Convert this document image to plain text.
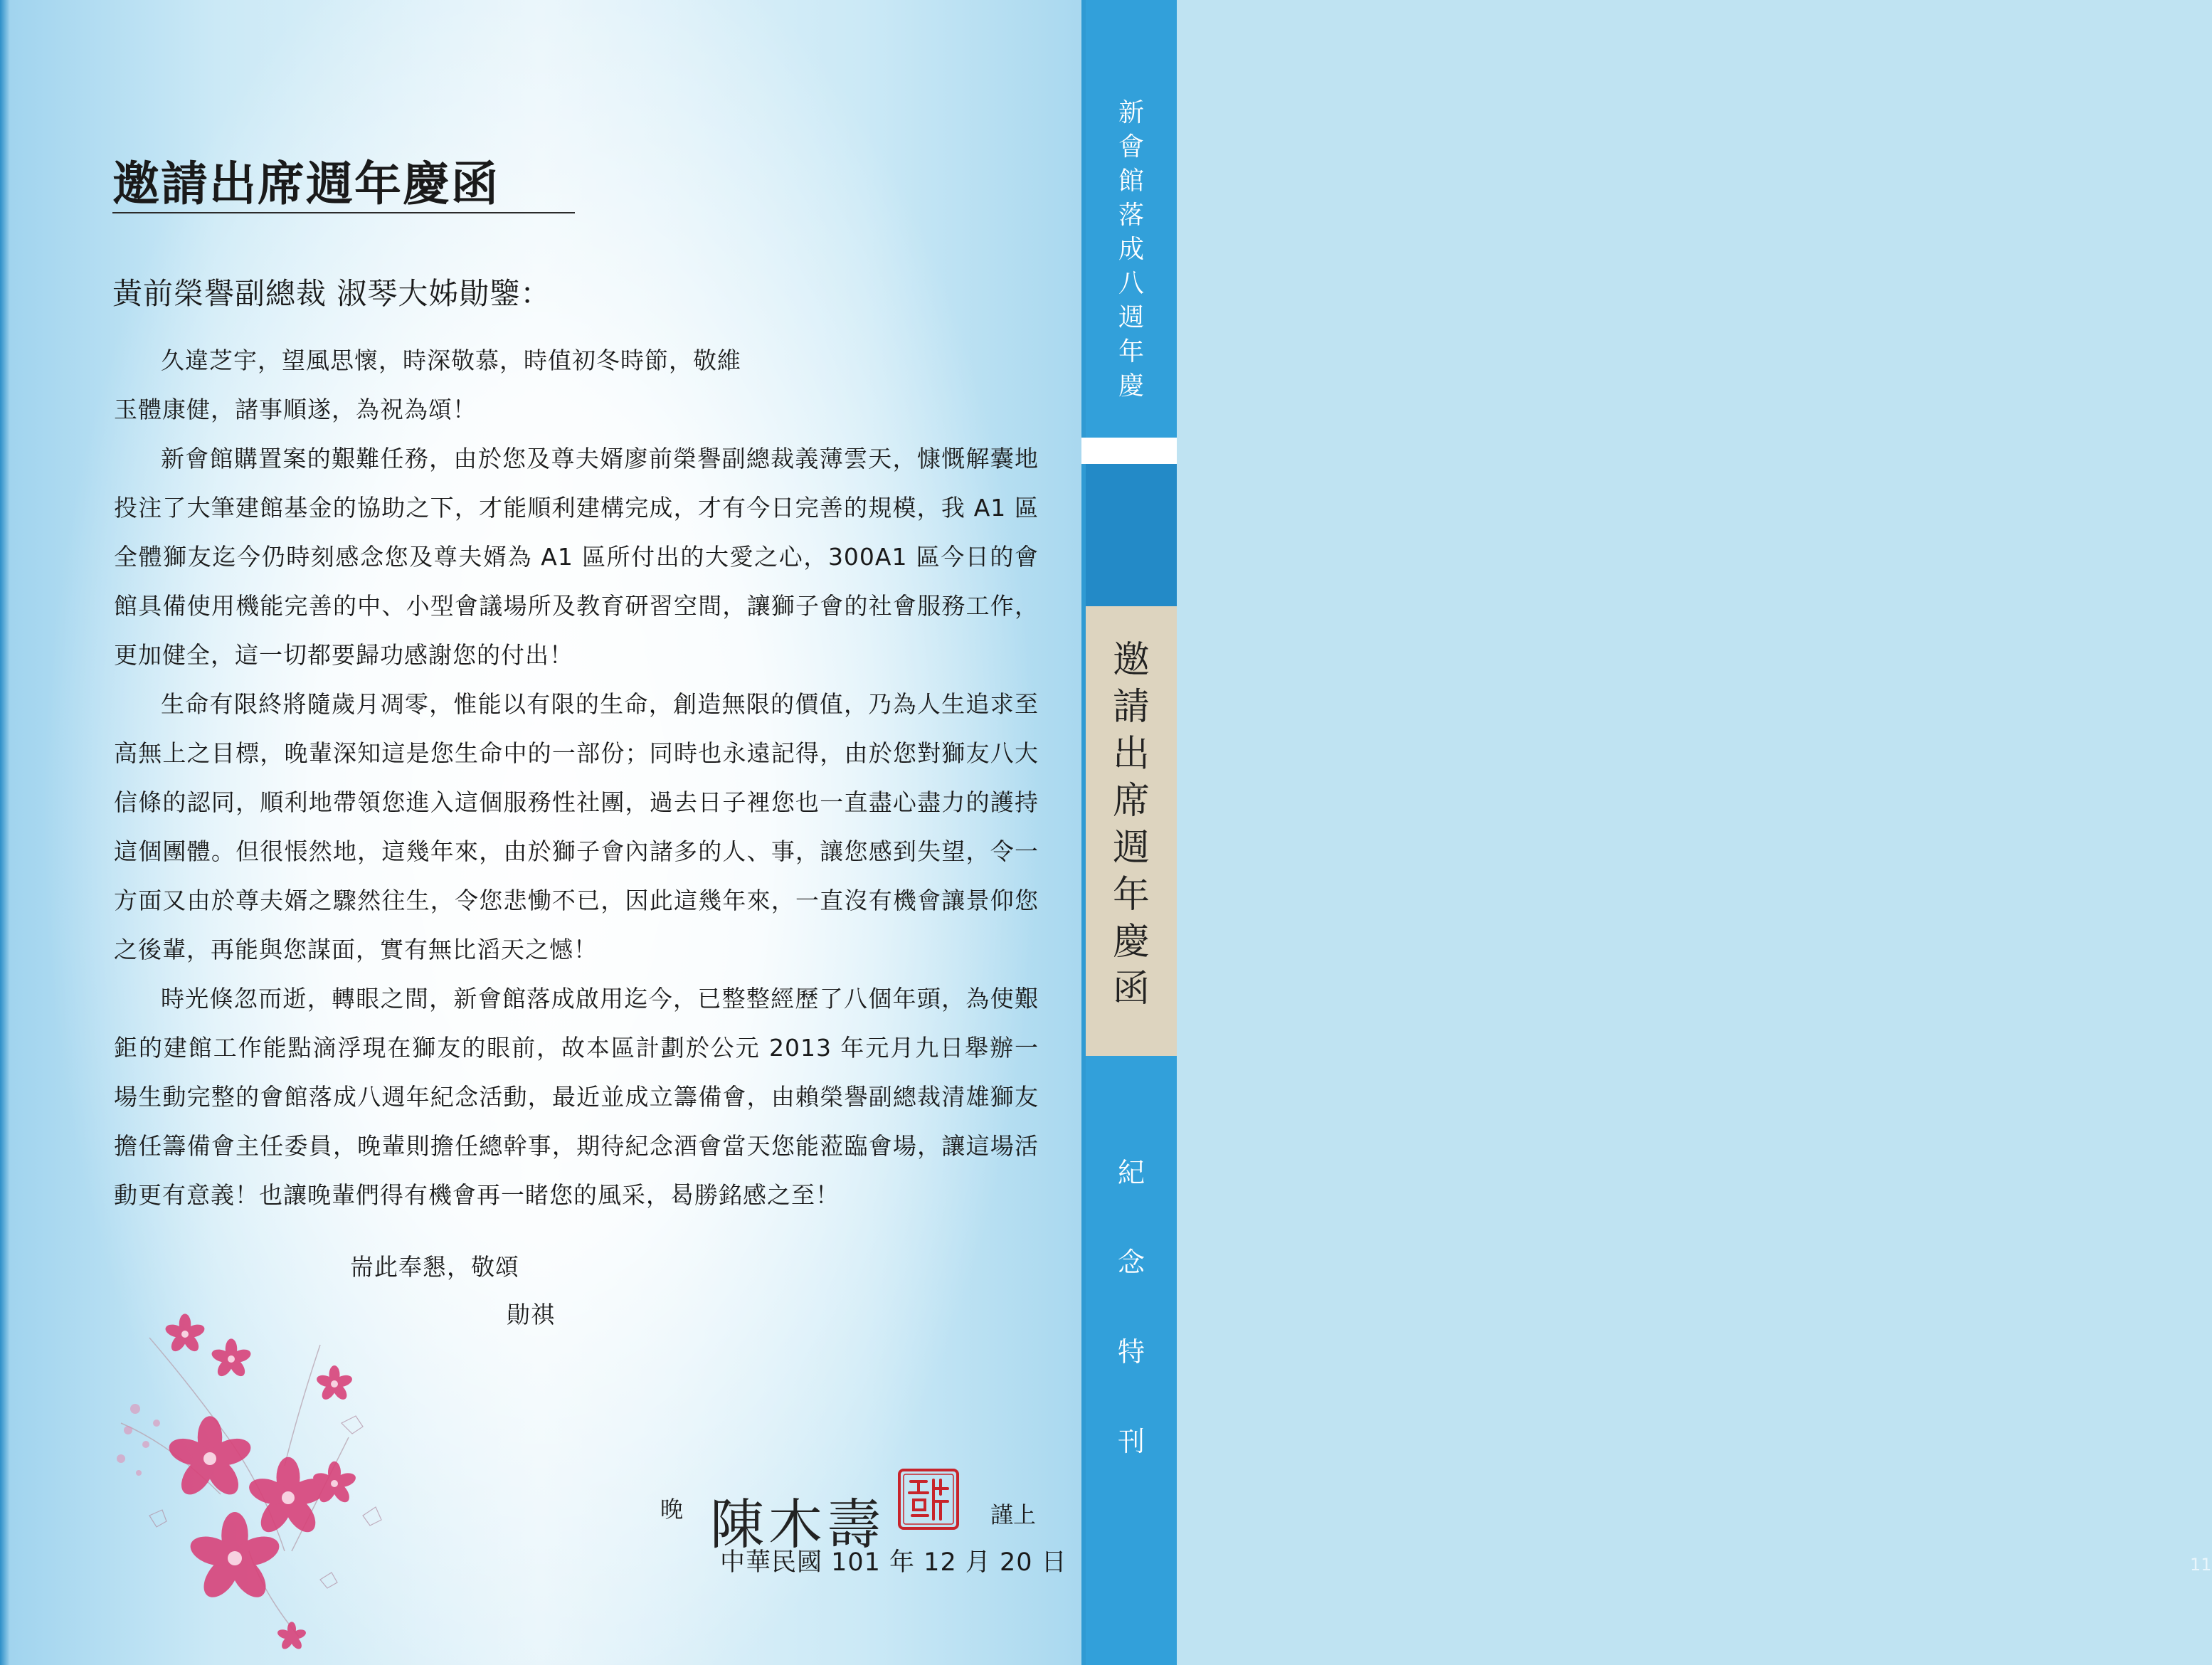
邀請出席週年慶函
黃前榮譽副總裁 淑琴大姊勛鑒：

久違芝宇，望風思懷，時深敬慕，時值初冬時節，敬維

玉體康健，諸事順遂，為祝為頌！

新會館購置案的艱難任務，由於您及尊夫婿廖前榮譽副總裁義薄雲天，慷慨解囊地投注了大筆建館基金的協助之下，才能順利建構完成，才有今日完善的規模，我 A1 區全體獅友迄今仍時刻感念您及尊夫婿為 A1 區所付出的大愛之心，300A1 區今日的會館具備使用機能完善的中、小型會議場所及教育研習空間，讓獅子會的社會服務工作，更加健全，這一切都要歸功感謝您的付出！

生命有限終將隨歲月凋零，惟能以有限的生命，創造無限的價值，乃為人生追求至高無上之目標，晚輩深知這是您生命中的一部份；同時也永遠記得，由於您對獅友八大信條的認同，順利地帶領您進入這個服務性社團，過去日子裡您也一直盡心盡力的護持這個團體。但很悵然地，這幾年來，由於獅子會內諸多的人、事，讓您感到失望，令一方面又由於尊夫婿之驟然往生，令您悲慟不已，因此這幾年來，一直沒有機會讓景仰您之後輩，再能與您謀面，實有無比滔天之憾！

時光倏忽而逝，轉眼之間，新會館落成啟用迄今，已整整經歷了八個年頭，為使艱鉅的建館工作能點滴浮現在獅友的眼前，故本區計劃於公元 2013 年元月九日舉辦一場生動完整的會館落成八週年紀念活動，最近並成立籌備會，由賴榮譽副總裁清雄獅友擔任籌備會主任委員，晚輩則擔任總幹事，期待紀念酒會當天您能蒞臨會場，讓這場活動更有意義！也讓晚輩們得有機會再一睹您的風采，曷勝銘感之至！

耑此奉懇，敬頌
勛祺
晚 陳木壽	謹上
中華民國 101 年 12 月 20 日
新
會
館
落
成
八
週
年
慶
邀
請
出
席
週
年
慶
函
紀
念
特
刊
11
